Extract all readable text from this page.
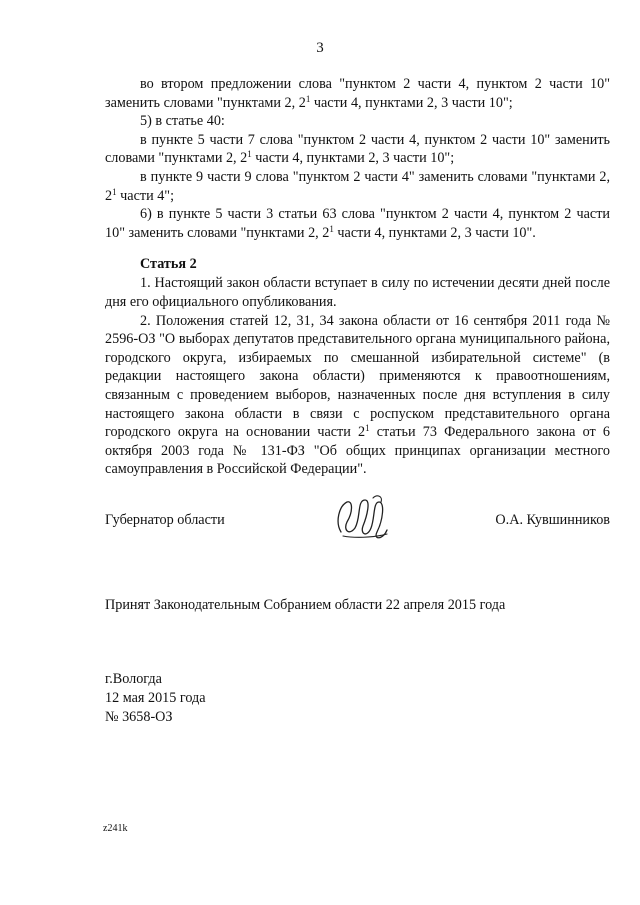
3

во втором предложении слова "пунктом 2 части 4, пунктом 2 части 10" заменить словами "пунктами 2, $2^1$ части 4, пунктами 2, 3 части 10";

5) в статье 40:

в пункте 5 части 7 слова "пунктом 2 части 4, пунктом 2 части 10" заменить словами "пунктами 2, $2^1$ части 4, пунктами 2, 3 части 10";

в пункте 9 части 9 слова "пунктом 2 части 4" заменить словами "пунктами 2, $2^1$ части 4";

6) в пункте 5 части 3 статьи 63 слова "пунктом 2 части 4, пунктом 2 части 10" заменить словами "пунктами 2, $2^1$ части 4, пунктами 2, 3 части 10".

Статья 2

1. Настоящий закон области вступает в силу по истечении десяти дней после дня его официального опубликования.

2. Положения статей 12, 31, 34 закона области от 16 сентября 2011 года № 2596-ОЗ "О выборах депутатов представительного органа муниципального района, городского округа, избираемых по смешанной избирательной системе" (в редакции настоящего закона области) применяются к правоотношениям, связанным с проведением выборов, назначенных после дня вступления в силу настоящего закона области в связи с роспуском представительного органа городского округа на основании части $2^1$ статьи 73 Федерального закона от 6 октября 2003 года № 131-ФЗ "Об общих принципах организации местного самоуправления в Российской Федерации".

Губернатор области	О.А. Кувшинников
Принят Законодательным Собранием области 22 апреля 2015 года
г.Вологда
12 мая 2015 года
№ 3658-ОЗ
z241k
